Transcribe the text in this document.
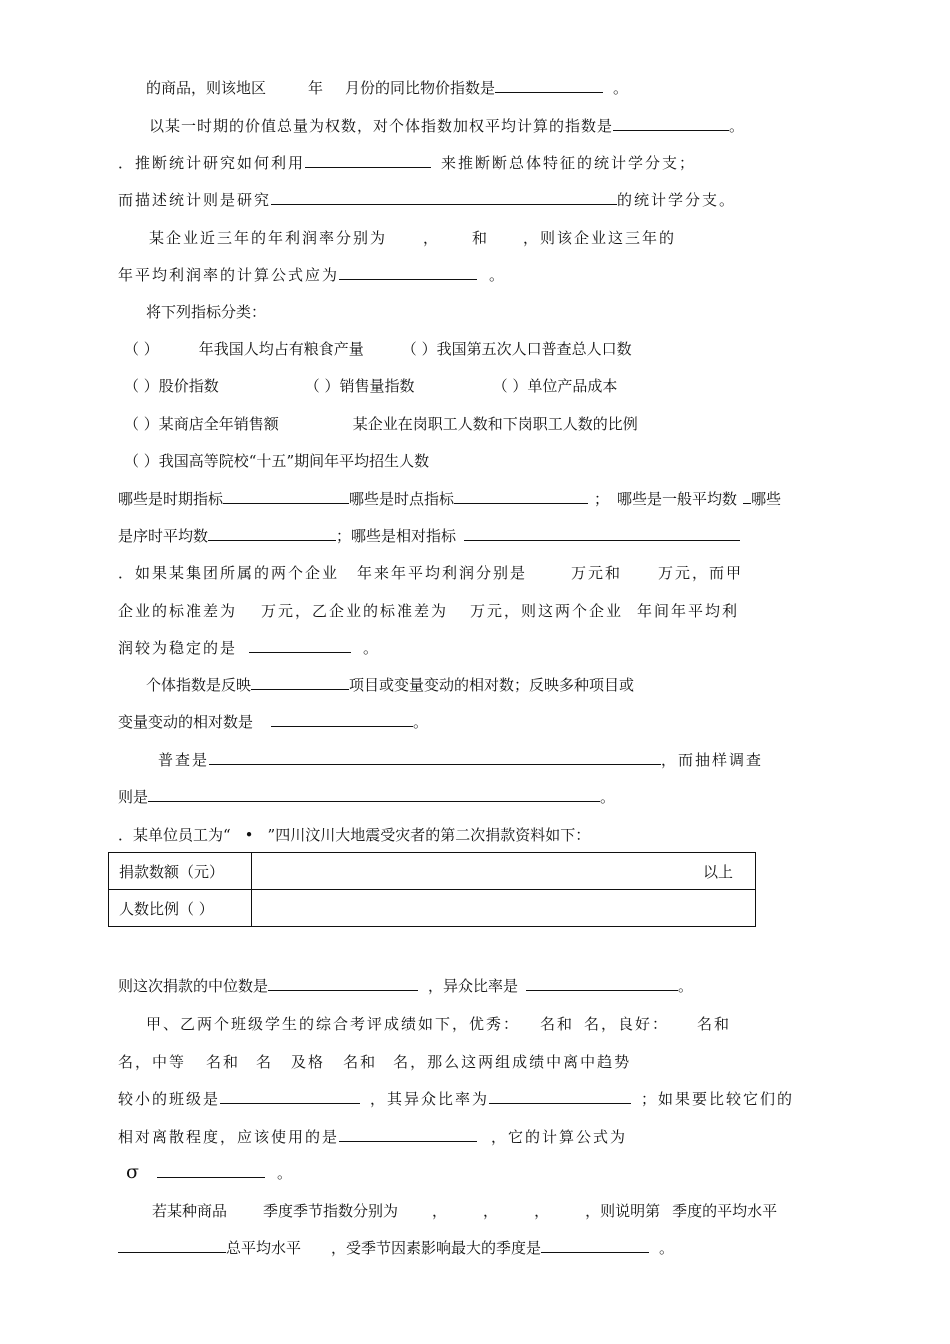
的商品，则该地区	年 月份的同比物价指数是	。
以某一时期的价值总量为权数，对个体指数加权平均计算的指数是	。
．推断统计研究如何利用	来推断断总体特征的统计学分支；
而描述统计则是研究	的统计学分支。
某企业近三年的年利润率分别为 ， 和 ，则该企业这三年的
年平均利润率的计算公式应为	。
将下列指标分类：
（ ）	年我国人均占有粮食产量	（ ）我国第五次人口普查总人口数
（ ）股价指数	（ ）销售量指数	（ ）单位产品成本
（ ）某商店全年销售额	某企业在岗职工人数和下岗职工人数的比例
（ ）我国高等院校“十五”期间年平均招生人数
哪些是时期指标	哪些是时点指标	； 哪些是一般平均数 哪些
是序时平均数	；哪些是相对指标
．如果某集团所属的两个企业 年来年平均利润分别是	万元和 万元，而甲
企业的标准差为 万元，乙企业的标准差为 万元，则这两个企业 年间年平均利
润较为稳定的是	。
个体指数是反映	项目或变量变动的相对数；反映多种项目或
变量变动的相对数是	。
普查是	，而抽样调查
则是	。
．某单位员工为“ • ”四川汶川大地震受灾者的第二次捐款资料如下：
捐款数额（元）	以上
人数比例（ ）	
则这次捐款的中位数是	，异众比率是	。
甲、乙两个班级学生的综合考评成绩如下，优秀： 名和 名，良好： 名和
名，中等 名和 名 及格 名和 名，那么这两组成绩中离中趋势
较小的班级是	，其异众比率为	；如果要比较它们的
相对离散程度，应该使用的是	，它的计算公式为
σ	。
若某种商品 季度季节指数分别为 ， ， ， ，则说明第 季度的平均水平
总平均水平 ，受季节因素影响最大的季度是	。
